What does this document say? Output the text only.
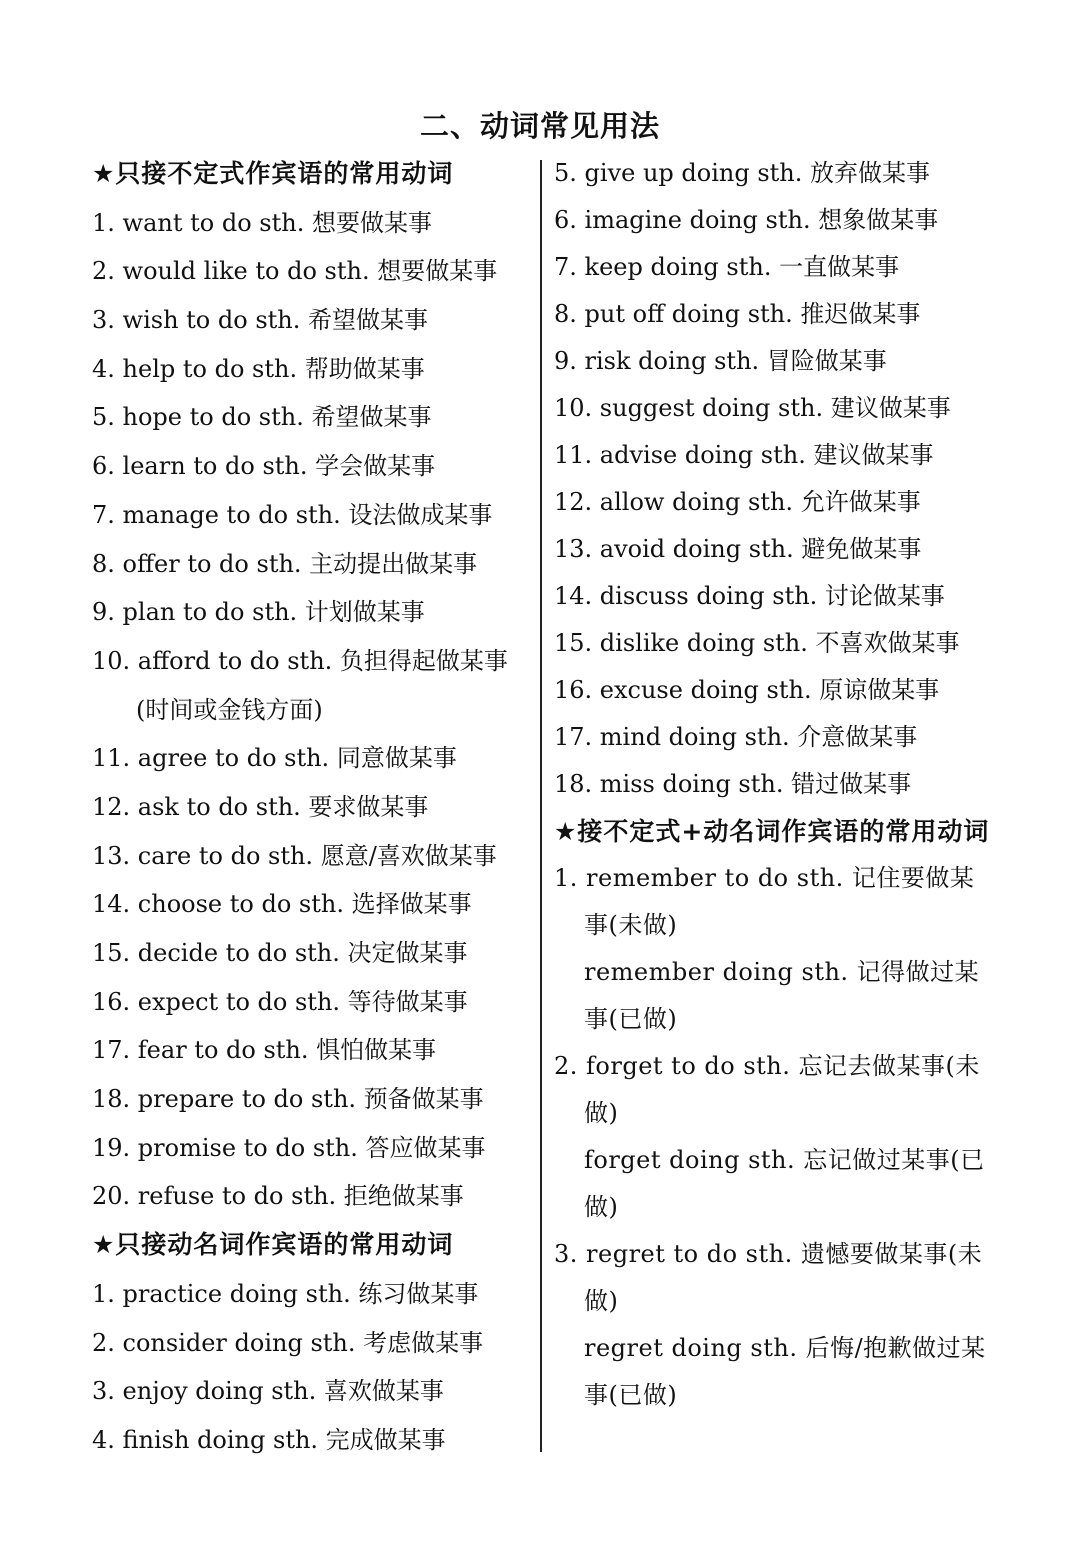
二、动词常见用法
★只接不定式作宾语的常用动词
1. want to do sth. 想要做某事
2. would like to do sth. 想要做某事
3. wish to do sth. 希望做某事
4. help to do sth. 帮助做某事
5. hope to do sth. 希望做某事
6. learn to do sth. 学会做某事
7. manage to do sth. 设法做成某事
8. offer to do sth. 主动提出做某事
9. plan to do sth. 计划做某事
10. afford to do sth. 负担得起做某事(时间或金钱方面)
11. agree to do sth. 同意做某事
12. ask to do sth. 要求做某事
13. care to do sth. 愿意/喜欢做某事
14. choose to do sth. 选择做某事
15. decide to do sth. 决定做某事
16. expect to do sth. 等待做某事
17. fear to do sth. 惧怕做某事
18. prepare to do sth. 预备做某事
19. promise to do sth. 答应做某事
20. refuse to do sth. 拒绝做某事
★只接动名词作宾语的常用动词
1. practice doing sth. 练习做某事
2. consider doing sth. 考虑做某事
3. enjoy doing sth. 喜欢做某事
4. finish doing sth. 完成做某事
5. give up doing sth. 放弃做某事
6. imagine doing sth. 想象做某事
7. keep doing sth. 一直做某事
8. put off doing sth. 推迟做某事
9. risk doing sth. 冒险做某事
10. suggest doing sth. 建议做某事
11. advise doing sth. 建议做某事
12. allow doing sth. 允许做某事
13. avoid doing sth. 避免做某事
14. discuss doing sth. 讨论做某事
15. dislike doing sth. 不喜欢做某事
16. excuse doing sth. 原谅做某事
17. mind doing sth. 介意做某事
18. miss doing sth. 错过做某事
★接不定式+动名词作宾语的常用动词
1. remember to do sth. 记住要做某事(未做)
remember doing sth. 记得做过某事(已做)
2. forget to do sth. 忘记去做某事(未做)
forget doing sth. 忘记做过某事(已做)
3. regret to do sth. 遗憾要做某事(未做)
regret doing sth. 后悔/抱歉做过某事(已做)
